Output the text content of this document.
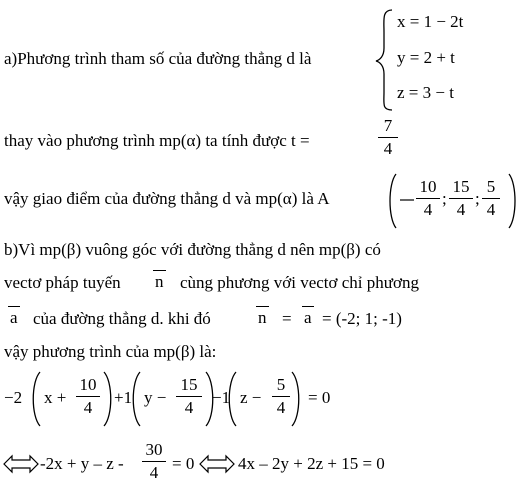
a)Phương trình tham số của đường thẳng d là
x = 1 − 2t
y = 2 + t
z = 3 − t
thay vào phương trình mp(α) ta tính được t =
7
4
vậy giao điểm của đường thẳng d và mp(α) là A
10
4
;
15
4
;
5
4
b)Vì mp(β) vuông góc với đường thẳng d nên mp(β) có
vectơ pháp tuyến n cùng phương với vectơ chỉ phương
a của đường thẳng d. khi đó	n = a = (-2; 1; -1)
vậy phương trình của mp(β) là:
−2 x +
10
4
+1 y −
15
4
−1 z −
5
4
= 0
-2x + y – z -
30
4 = 0	4x – 2y + 2z + 15 = 0
